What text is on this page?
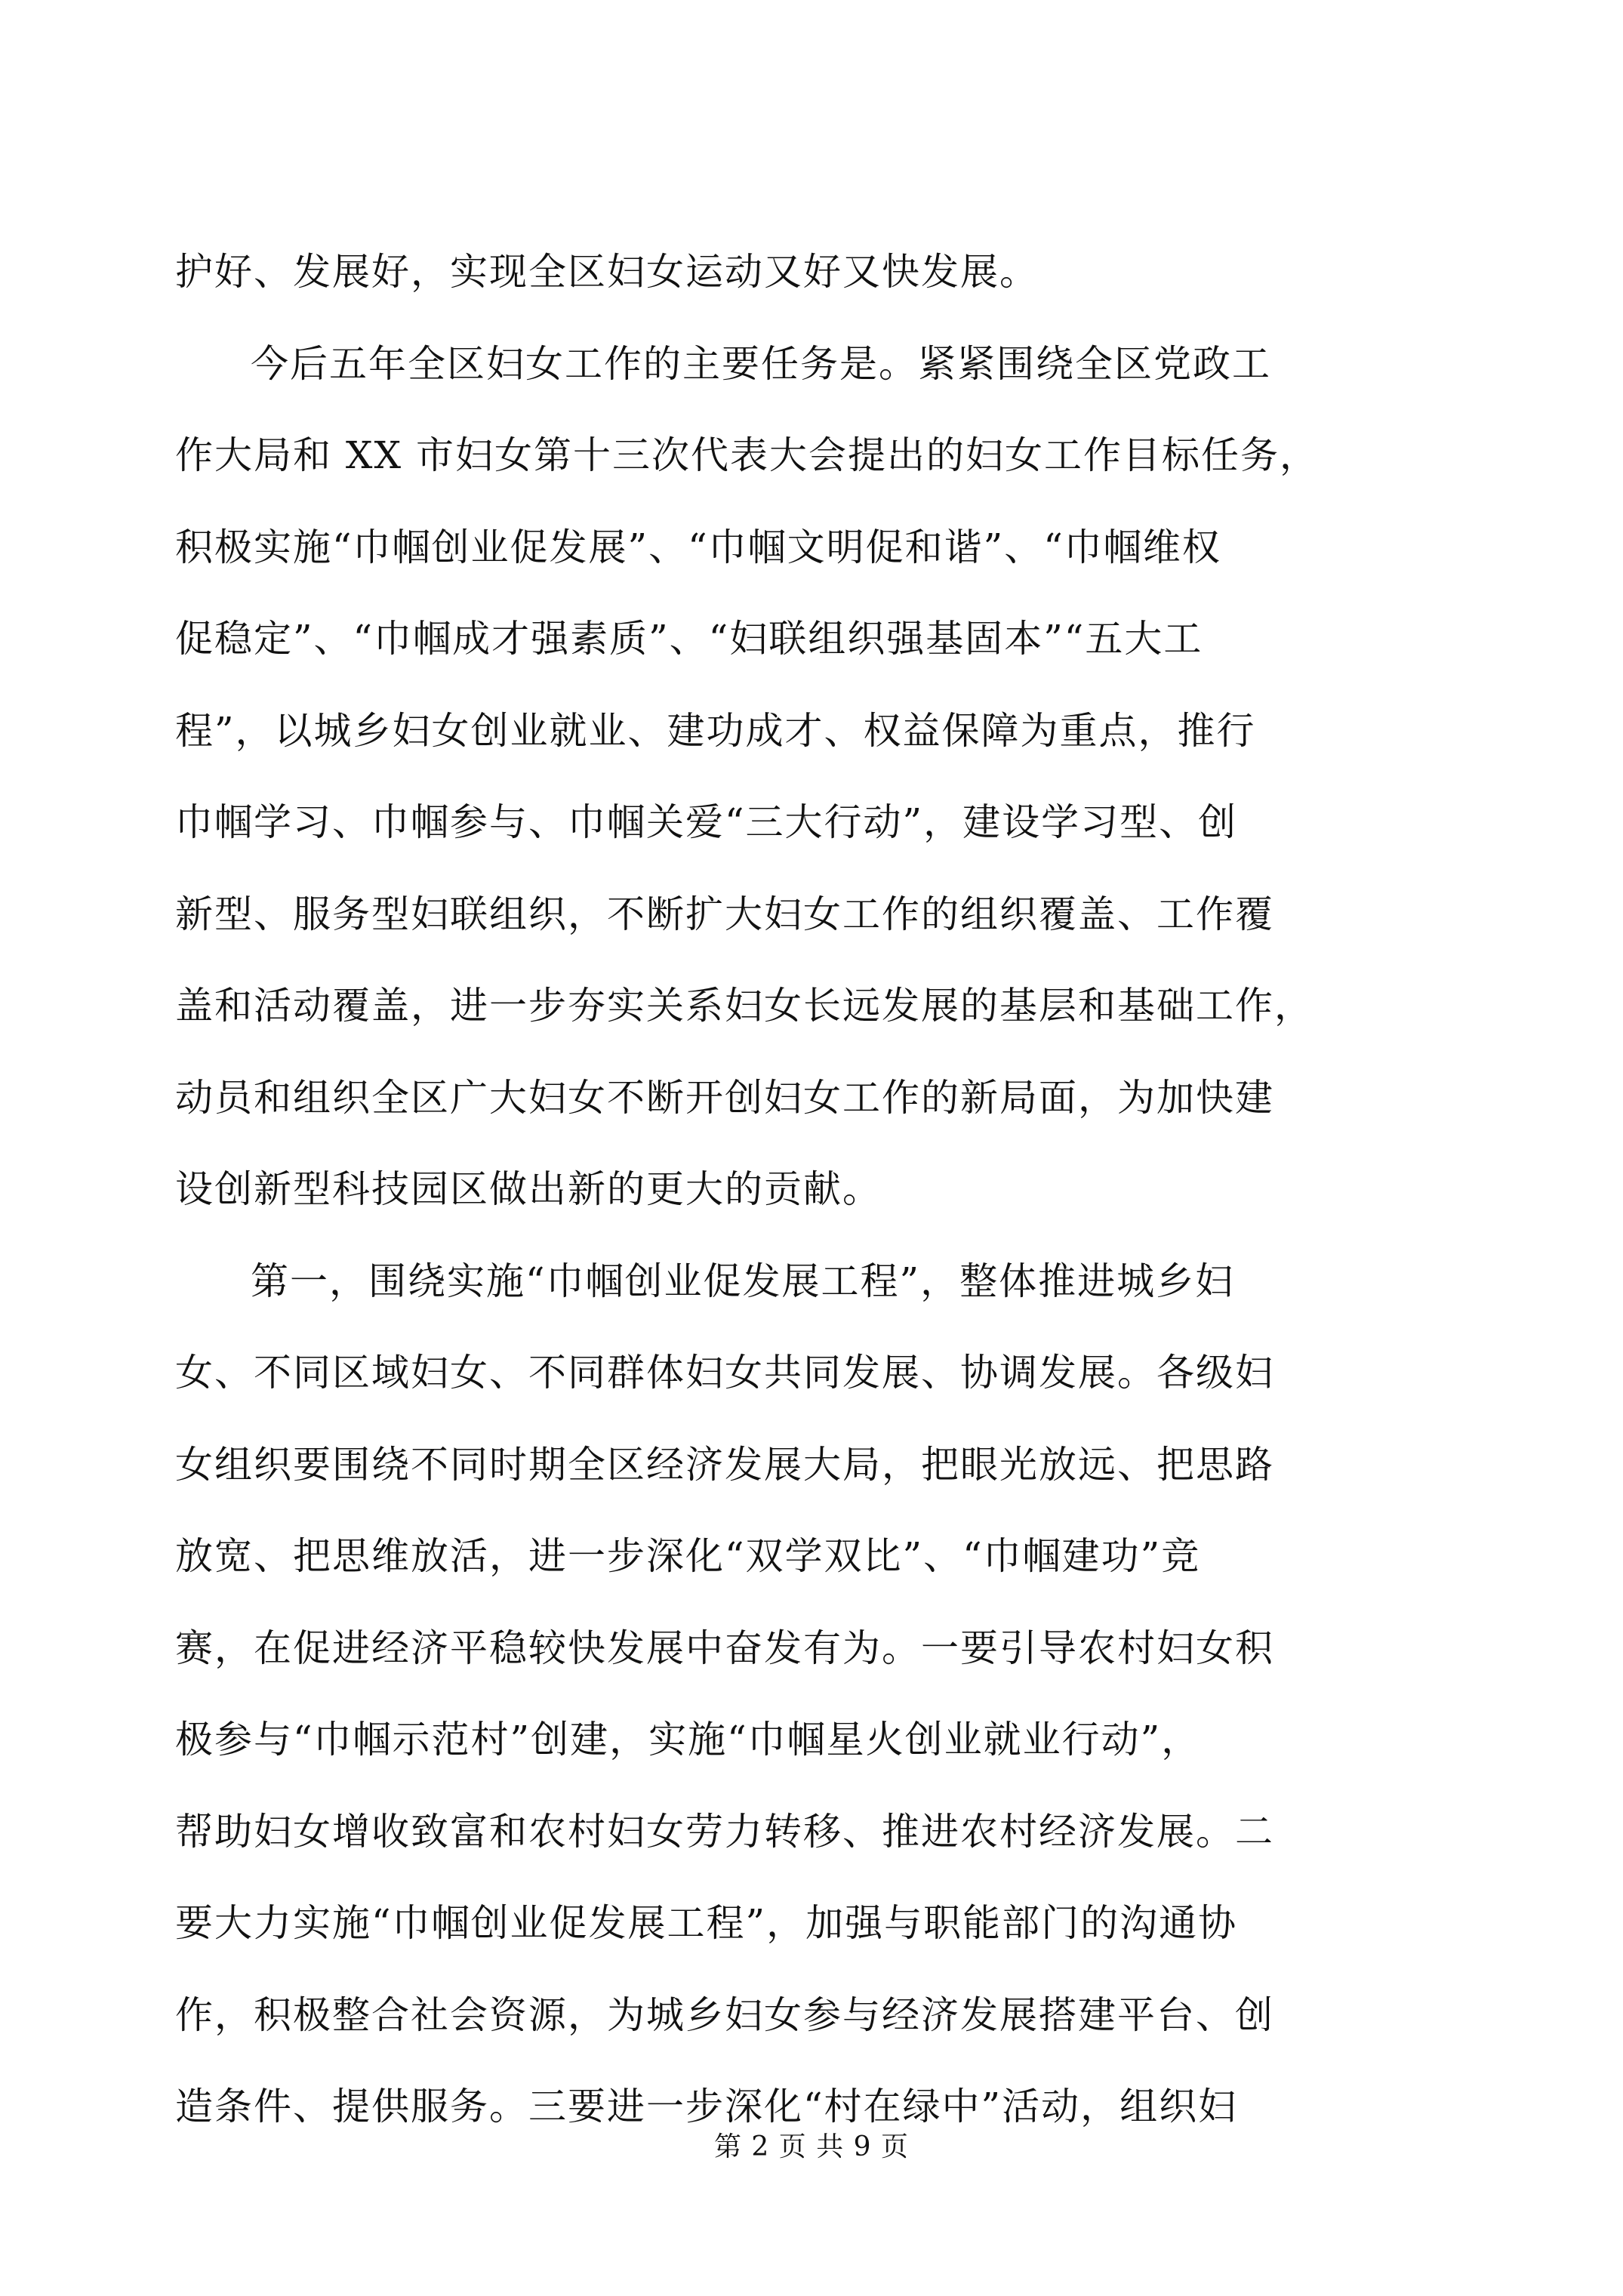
护好、发展好，实现全区妇女运动又好又快发展。
今后五年全区妇女工作的主要任务是。紧紧围绕全区党政工
作大局和 XX 市妇女第十三次代表大会提出的妇女工作目标任务，
积极实施“巾帼创业促发展”、“巾帼文明促和谐”、“巾帼维权
促稳定”、“巾帼成才强素质”、“妇联组织强基固本”“五大工
程”，以城乡妇女创业就业、建功成才、权益保障为重点，推行
巾帼学习、巾帼参与、巾帼关爱“三大行动”，建设学习型、创
新型、服务型妇联组织，不断扩大妇女工作的组织覆盖、工作覆
盖和活动覆盖，进一步夯实关系妇女长远发展的基层和基础工作，
动员和组织全区广大妇女不断开创妇女工作的新局面，为加快建
设创新型科技园区做出新的更大的贡献。
第一，围绕实施“巾帼创业促发展工程”，整体推进城乡妇
女、不同区域妇女、不同群体妇女共同发展、协调发展。各级妇
女组织要围绕不同时期全区经济发展大局，把眼光放远、把思路
放宽、把思维放活，进一步深化“双学双比”、“巾帼建功”竞
赛，在促进经济平稳较快发展中奋发有为。一要引导农村妇女积
极参与“巾帼示范村”创建，实施“巾帼星火创业就业行动”，
帮助妇女增收致富和农村妇女劳力转移、推进农村经济发展。二
要大力实施“巾帼创业促发展工程”，加强与职能部门的沟通协
作，积极整合社会资源，为城乡妇女参与经济发展搭建平台、创
造条件、提供服务。三要进一步深化“村在绿中”活动，组织妇
第 2 页 共 9 页
